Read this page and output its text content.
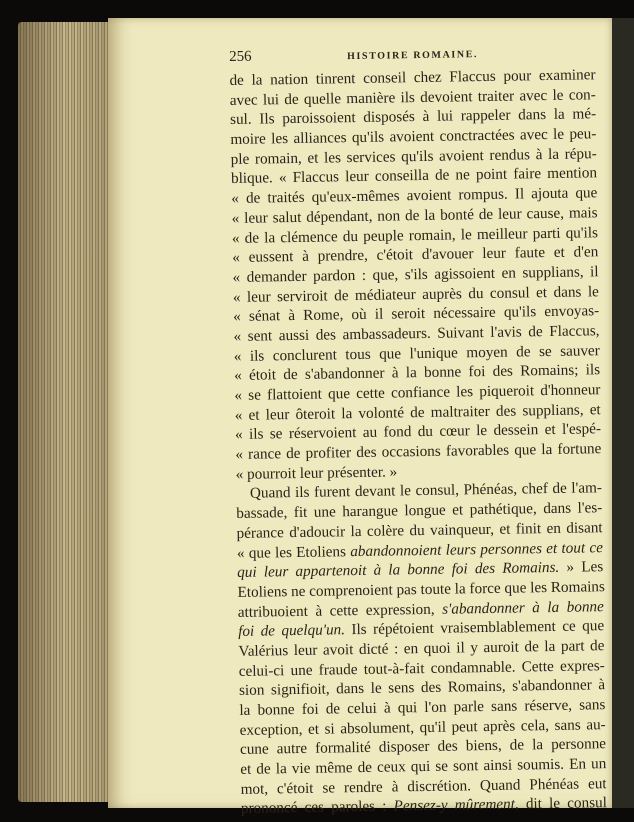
256	HISTOIRE ROMAINE.
de la nation tinrent conseil chez Flaccus pour examiner
avec lui de quelle manière ils devoient traiter avec le con-
sul. Ils paroissoient disposés à lui rappeler dans la mé-
moire les alliances qu'ils avoient conctractées avec le peu-
ple romain, et les services qu'ils avoient rendus à la répu-
blique. « Flaccus leur conseilla de ne point faire mention
« de traités qu'eux-mêmes avoient rompus. Il ajouta que
« leur salut dépendant, non de la bonté de leur cause, mais
« de la clémence du peuple romain, le meilleur parti qu'ils
« eussent à prendre, c'étoit d'avouer leur faute et d'en
« demander pardon : que, s'ils agissoient en supplians, il
« leur serviroit de médiateur auprès du consul et dans le
« sénat à Rome, où il seroit nécessaire qu'ils envoyas-
« sent aussi des ambassadeurs. Suivant l'avis de Flaccus,
« ils conclurent tous que l'unique moyen de se sauver
« étoit de s'abandonner à la bonne foi des Romains; ils
« se flattoient que cette confiance les piqueroit d'honneur
« et leur ôteroit la volonté de maltraiter des supplians, et
« ils se réservoient au fond du cœur le dessein et l'espé-
« rance de profiter des occasions favorables que la fortune
« pourroit leur présenter. »
Quand ils furent devant le consul, Phénéas, chef de l'am-
bassade, fit une harangue longue et pathétique, dans l'es-
pérance d'adoucir la colère du vainqueur, et finit en disant
« que les Etoliens abandonnoient leurs personnes et tout ce
qui leur appartenoit à la bonne foi des Romains. » Les
Etoliens ne comprenoient pas toute la force que les Romains
attribuoient à cette expression, s'abandonner à la bonne
foi de quelqu'un. Ils répétoient vraisemblablement ce que
Valérius leur avoit dicté : en quoi il y auroit de la part de
celui-ci une fraude tout-à-fait condamnable. Cette expres-
sion signifioit, dans le sens des Romains, s'abandonner à
la bonne foi de celui à qui l'on parle sans réserve, sans
exception, et si absolument, qu'il peut après cela, sans au-
cune autre formalité disposer des biens, de la personne
et de la vie même de ceux qui se sont ainsi soumis. En un
mot, c'étoit se rendre à discrétion. Quand Phénéas eut
prononcé ces paroles : Pensez-y mûrement, dit le consul
